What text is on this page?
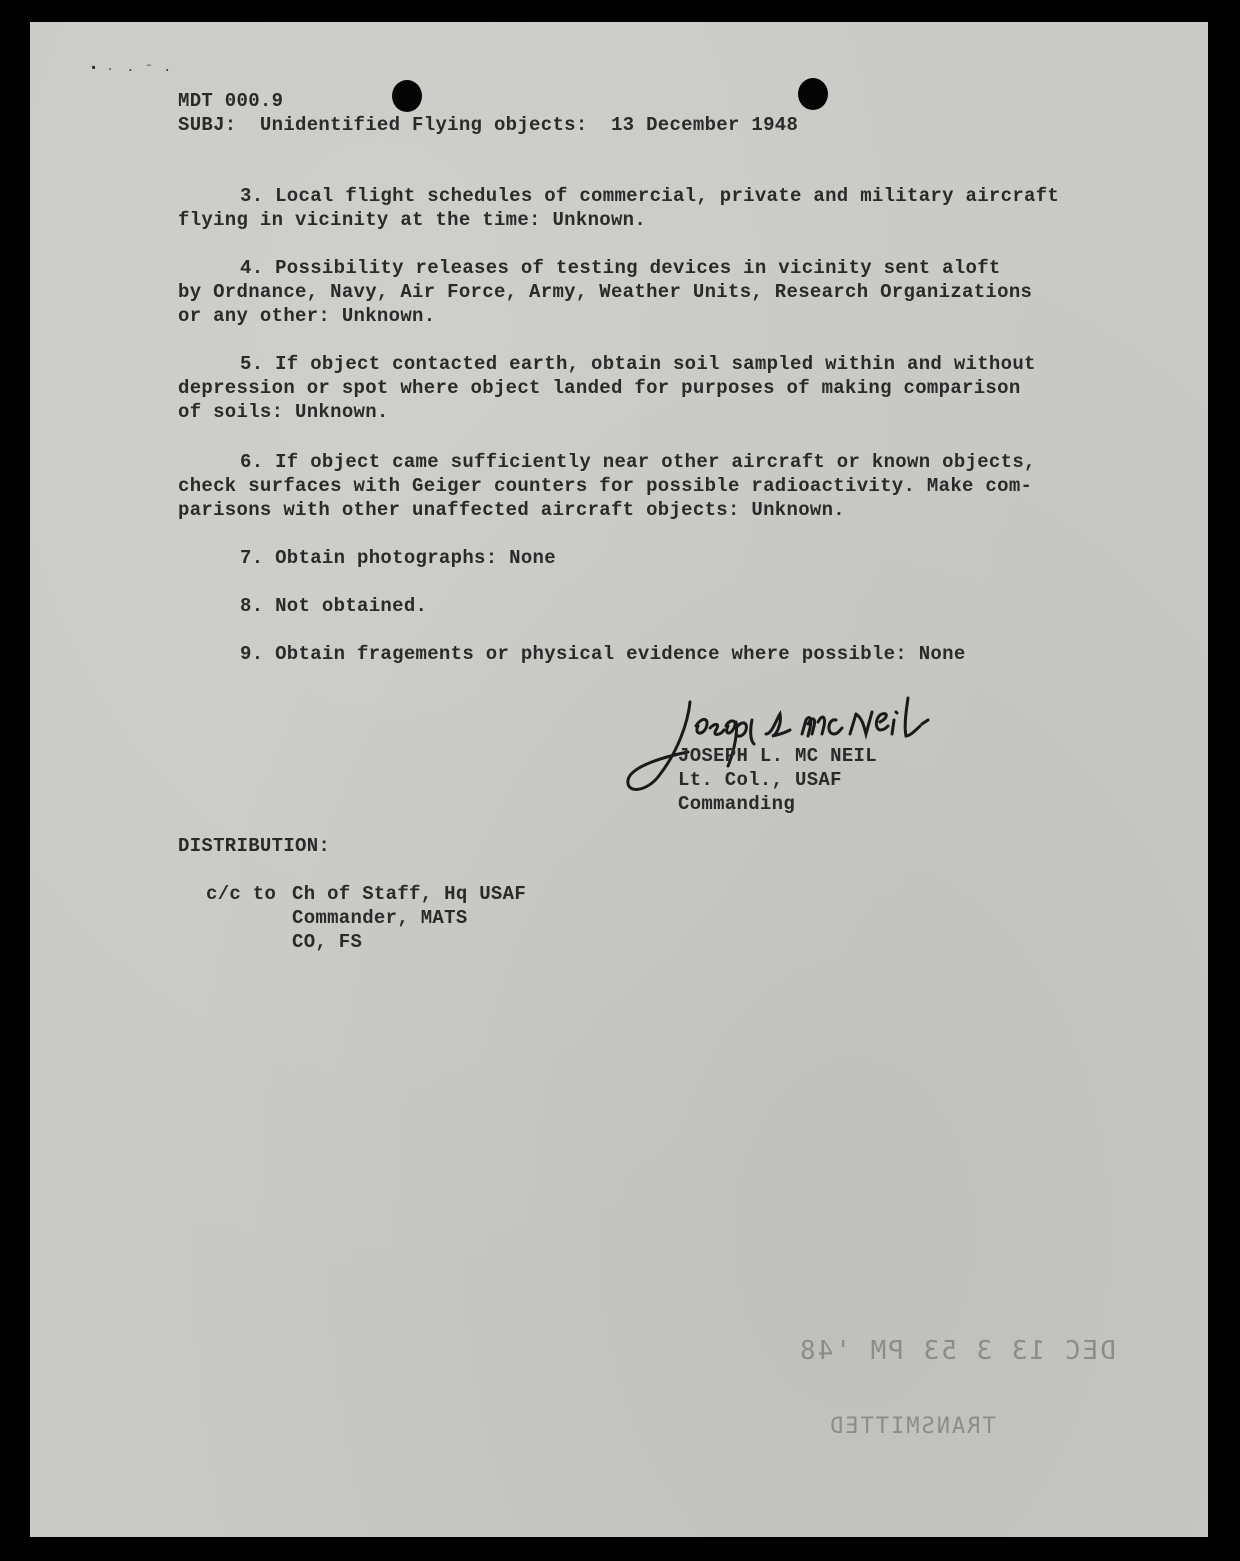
▪ ˴ . ⁻ .
MDT 000.9
SUBJ:  Unidentified Flying objects:  13 December 1948
3. Local flight schedules of commercial, private and military aircraft
flying in vicinity at the time: Unknown.
4. Possibility releases of testing devices in vicinity sent aloft
by Ordnance, Navy, Air Force, Army, Weather Units, Research Organizations
or any other: Unknown.
5. If object contacted earth, obtain soil sampled within and without
depression or spot where object landed for purposes of making comparison
of soils: Unknown.
6. If object came sufficiently near other aircraft or known objects,
check surfaces with Geiger counters for possible radioactivity. Make com-
parisons with other unaffected aircraft objects: Unknown.
7. Obtain photographs: None
8. Not obtained.
9. Obtain fragements or physical evidence where possible: None
JOSEPH L. MC NEIL
Lt. Col., USAF
Commanding
DISTRIBUTION:
c/c to Ch of Staff, Hq USAF
Commander, MATS
CO, FS
DEC 13 3 53 PM '48
TRANSMITTED
